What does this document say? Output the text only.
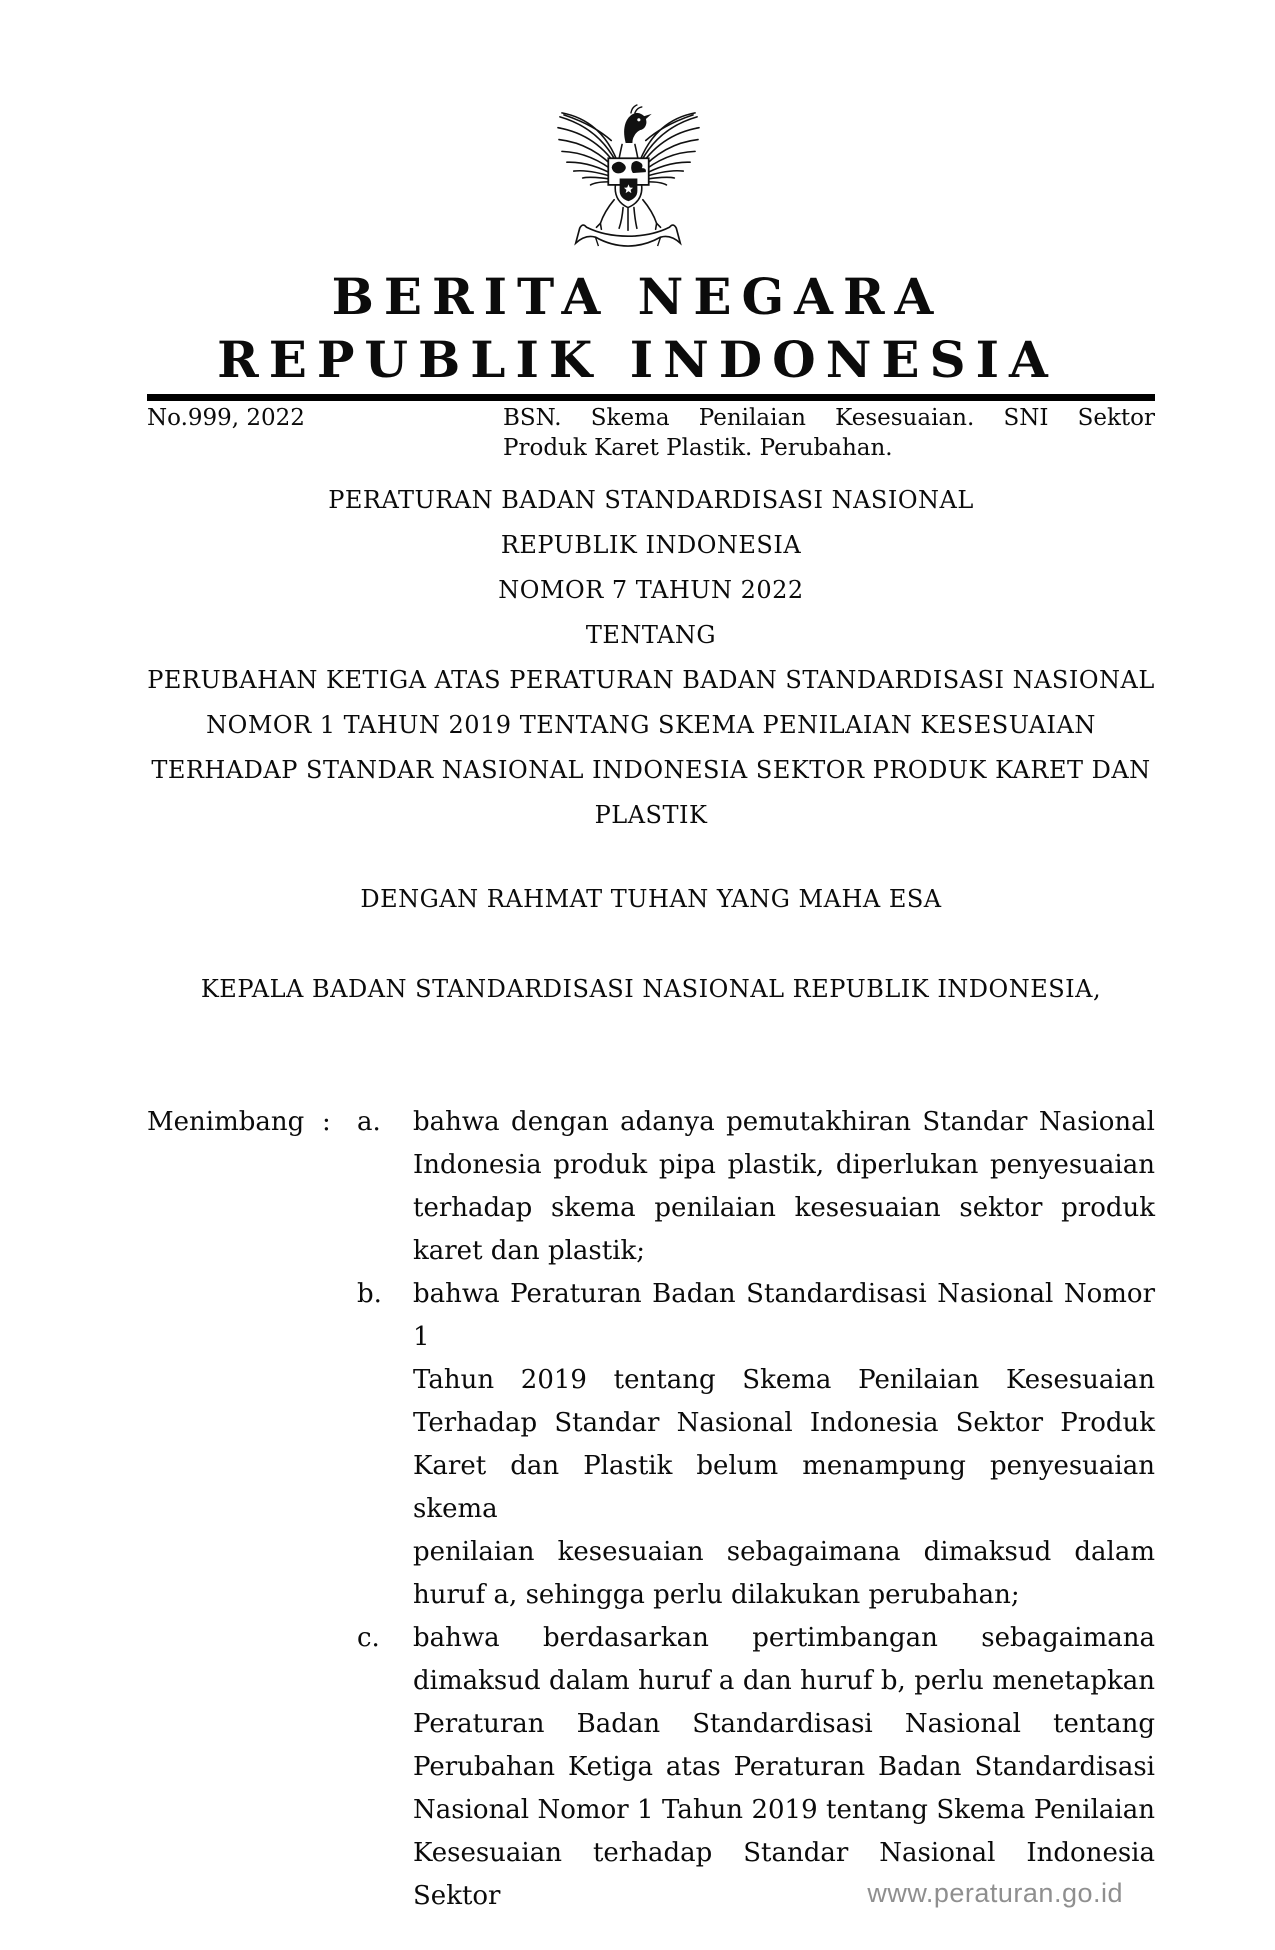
BERITA NEGARA
REPUBLIK INDONESIA
No.999, 2022	BSN. Skema Penilaian Kesesuaian. SNI Sektor
Produk Karet Plastik. Perubahan.
PERATURAN BADAN STANDARDISASI NASIONAL
REPUBLIK INDONESIA
NOMOR 7 TAHUN 2022
TENTANG
PERUBAHAN KETIGA ATAS PERATURAN BADAN STANDARDISASI NASIONAL
NOMOR 1 TAHUN 2019 TENTANG SKEMA PENILAIAN KESESUAIAN
TERHADAP STANDAR NASIONAL INDONESIA SEKTOR PRODUK KARET DAN
PLASTIK
DENGAN RAHMAT TUHAN YANG MAHA ESA
KEPALA BADAN STANDARDISASI NASIONAL REPUBLIK INDONESIA,
Menimbang :	a.	bahwa dengan adanya pemutakhiran Standar Nasional
Indonesia produk pipa plastik, diperlukan penyesuaian
terhadap skema penilaian kesesuaian sektor produk
karet dan plastik;
b.	bahwa Peraturan Badan Standardisasi Nasional Nomor 1
Tahun 2019 tentang Skema Penilaian Kesesuaian
Terhadap Standar Nasional Indonesia Sektor Produk
Karet dan Plastik belum menampung penyesuaian skema
penilaian kesesuaian sebagaimana dimaksud dalam
huruf a, sehingga perlu dilakukan perubahan;
c.	bahwa berdasarkan pertimbangan sebagaimana
dimaksud dalam huruf a dan huruf b, perlu menetapkan
Peraturan Badan Standardisasi Nasional tentang
Perubahan Ketiga atas Peraturan Badan Standardisasi
Nasional Nomor 1 Tahun 2019 tentang Skema Penilaian
Kesesuaian terhadap Standar Nasional Indonesia Sektor	www.peraturan.go.id
